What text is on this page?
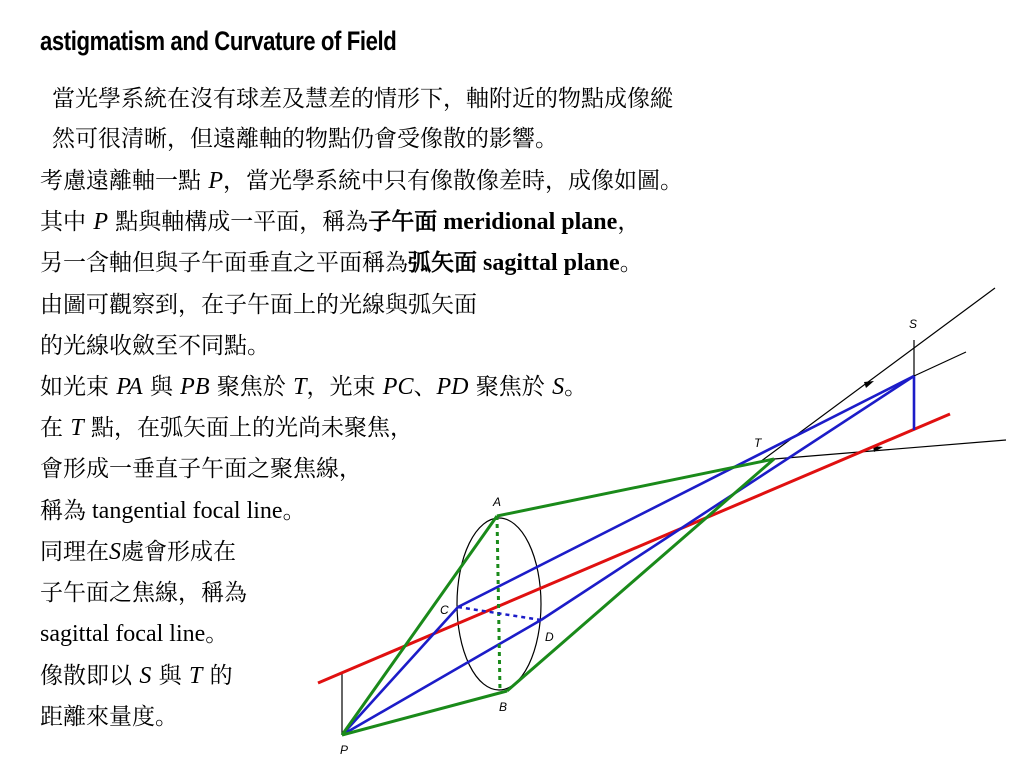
astigmatism and Curvature of Field

當光學系統在沒有球差及慧差的情形下，軸附近的物點成像縱

然可很清晰，但遠離軸的物點仍會受像散的影響。

考慮遠離軸一點 P，當光學系統中只有像散像差時，成像如圖。

其中 P 點與軸構成一平面，稱為子午面 meridional plane，

另一含軸但與子午面垂直之平面稱為弧矢面 sagittal plane。

由圖可觀察到，在子午面上的光線與弧矢面

的光線收斂至不同點。

如光束 PA 與 PB 聚焦於 T，光束 PC、PD 聚焦於 S。

在 T 點，在弧矢面上的光尚未聚焦，

會形成一垂直子午面之聚焦線，

稱為 tangential focal line。

同理在S處會形成在

子午面之焦線，稱為

sagittal focal line。

像散即以 S 與 T 的

距離來量度。

S
T
A
C
D
B
P
